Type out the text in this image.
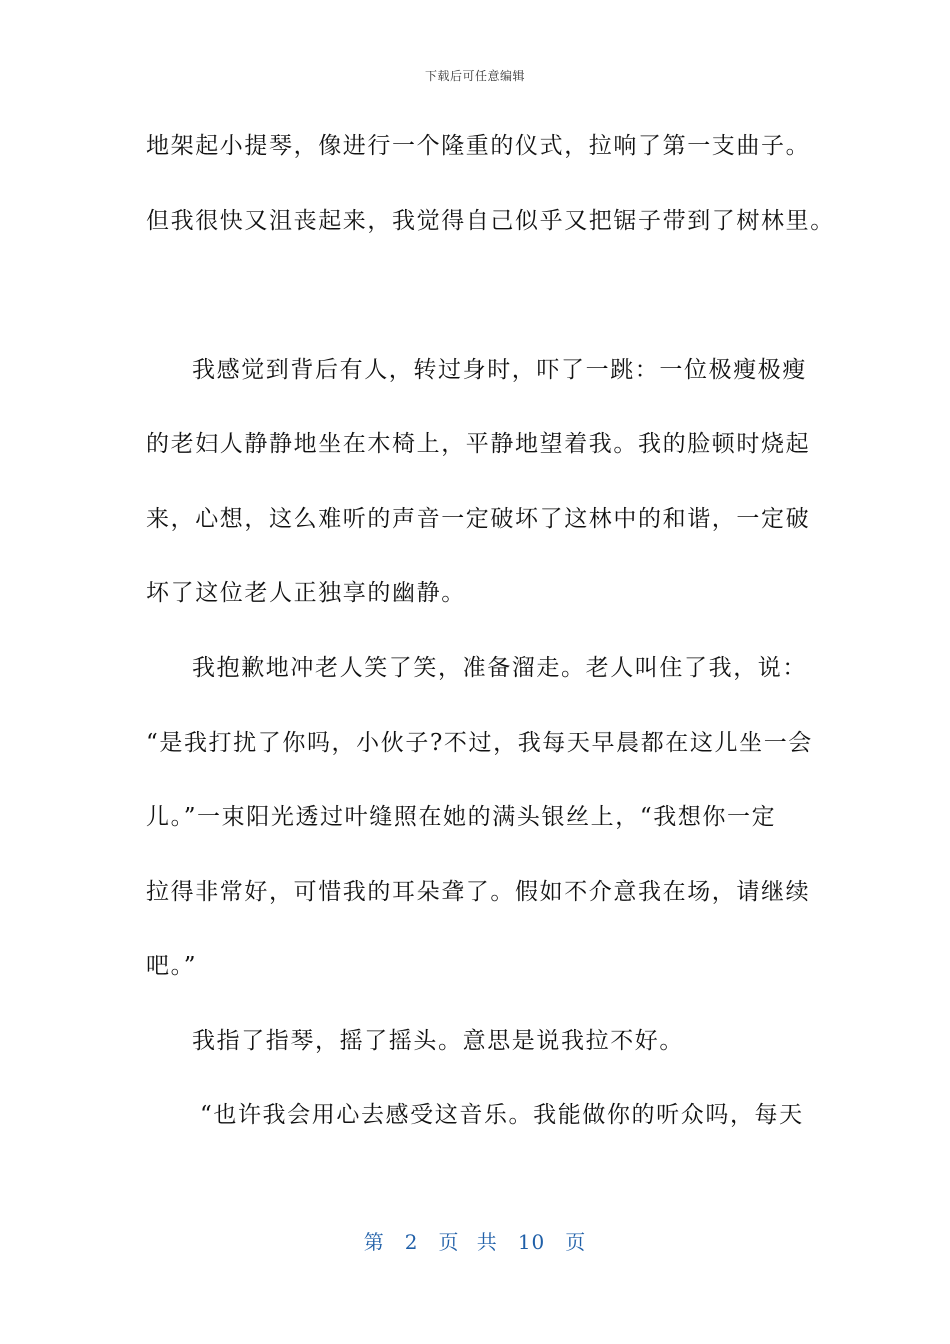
下载后可任意编辑
地架起小提琴，像进行一个隆重的仪式，拉响了第一支曲子。
但我很快又沮丧起来，我觉得自己似乎又把锯子带到了树林里。
我感觉到背后有人，转过身时，吓了一跳：一位极瘦极瘦
的老妇人静静地坐在木椅上，平静地望着我。我的脸顿时烧起
来，心想，这么难听的声音一定破坏了这林中的和谐，一定破
坏了这位老人正独享的幽静。
我抱歉地冲老人笑了笑，准备溜走。老人叫住了我，说：
“是我打扰了你吗，小伙子?不过，我每天早晨都在这儿坐一会
儿。”一束阳光透过叶缝照在她的满头银丝上，“我想你一定
拉得非常好，可惜我的耳朵聋了。假如不介意我在场，请继续
吧。”
我指了指琴，摇了摇头。意思是说我拉不好。
“也许我会用心去感受这音乐。我能做你的听众吗，每天
第 2 页 共 10 页
